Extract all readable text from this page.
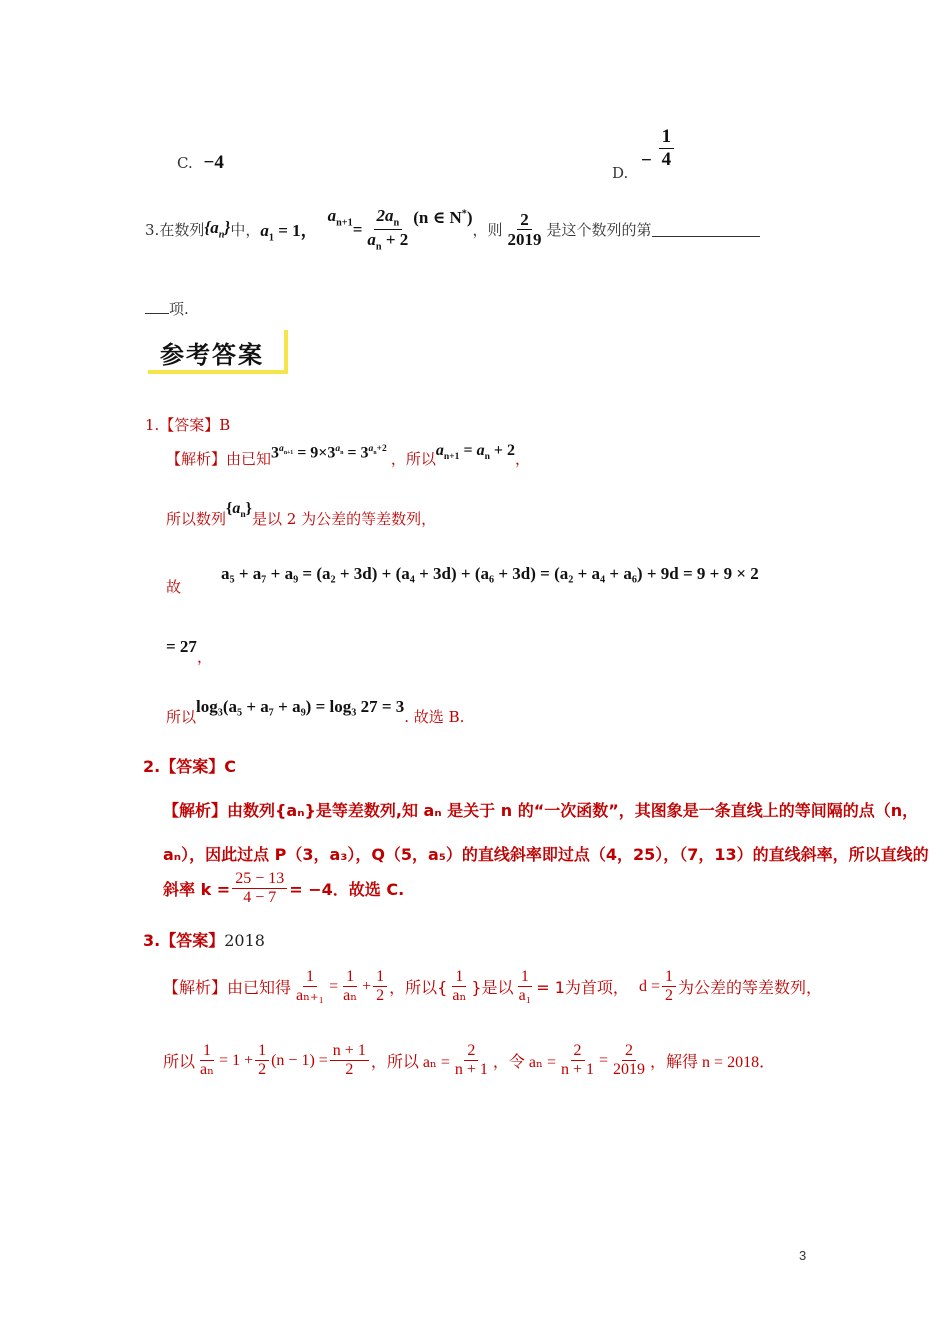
C. −4
D. − $\frac{1}{4}$
3. 在数列 $\{a_n\}$ 中， $a_1 = 1$，
$a_{n+1} = \frac{2a_n}{a_n + 2} (n$ ∈ N*)
，则 $\frac{2}{2019}$ 是这个数列的第
项.
参考答案
1.【答案】B
【解析】 由已知 $3^{a_{n+1}} = 9\times 3^{a_n} = 3^{a_n+2}$
，所以 $a_{n+1} = a_n + 2$ ，
所以数列
$\{a_n\}$
是以 2 为公差的等差数列，
故
a₅ + a₇ + a₉ = (a₂ + 3d) + (a₄ + 3d) + (a₆ + 3d) = (a₂ + a₄ + a₆) + 9d = 9 + 9 × 2
= 27
，
所以
log₃(a₅ + a₇ + a₉) = log₃ 27 = 3
. 故选 B.
2.【答案】C
【解析】由数列{aₙ}是等差数列,知 aₙ 是关于 n 的“一次函数”，其图象是一条直线上的等间隔的点（n，
aₙ），因此过点 P（3，a₃），Q（5，a₅）的直线斜率即过点（4，25），（7，13）的直线斜率，所以直线的
斜率 $k = \frac{25 - 13}{4 - 7} = -4$．故选 C.
3.【答案】2018
【解析】由已知得 $\frac{1}{\text{aₙ₊₁}} = \frac{1}{\text{aₙ}} + \frac{1}{2}$ ，所以{ $\frac{1}{\text{aₙ}}$ }是以 $\frac{1}{\text{a₁}} = 1$为首项， $d = \frac{1}{2}$ 为公差的等差数列，
所以 $\frac{1}{\text{aₙ}} = 1 + \frac{1}{2} (n - 1) = \frac{n + 1}{2}$ ，所以 $a_n = \frac{2}{n + 1}$ ，令 $a_n = \frac{2}{n + 1} = \frac{2}{2019}$ ，解得 n = 2018．
3
